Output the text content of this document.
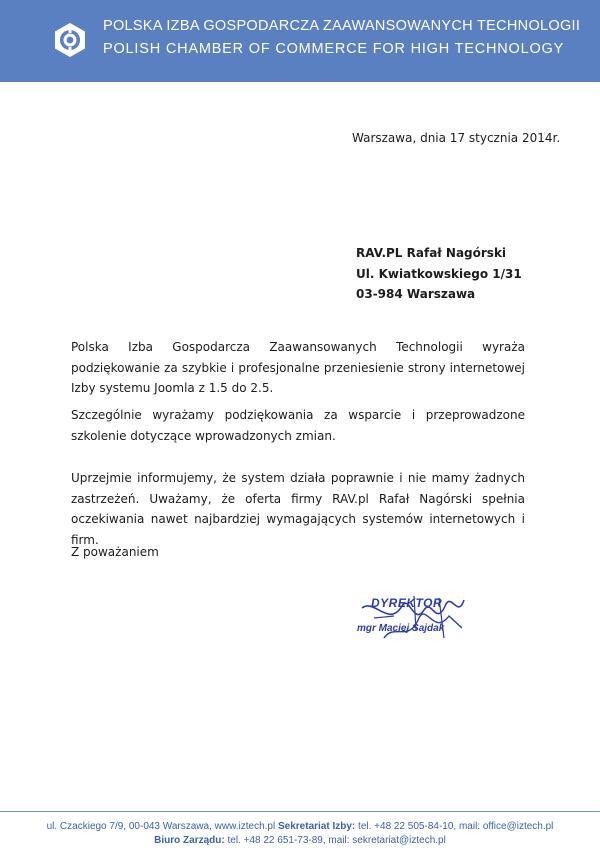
POLSKA IZBA GOSPODARCZA ZAAWANSOWANYCH TECHNOLOGII
POLISH CHAMBER OF COMMERCE FOR HIGH TECHNOLOGY
Warszawa, dnia 17 stycznia 2014r.
RAV.PL Rafał Nagórski
Ul. Kwiatkowskiego 1/31
03-984 Warszawa
Polska Izba Gospodarcza Zaawansowanych Technologii wyraża podziękowanie za szybkie i profesjonalne przeniesienie strony internetowej Izby systemu Joomla z 1.5 do 2.5.
Szczególnie wyrażamy podziękowania za wsparcie i przeprowadzone szkolenie dotyczące wprowadzonych zmian.
Uprzejmie informujemy, że system działa poprawnie i nie mamy żadnych zastrzeżeń. Uważamy, że oferta firmy RAV.pl Rafał Nagórski spełnia oczekiwania nawet najbardziej wymagających systemów internetowych i firm.
Z poważaniem
DYREKTOR
mgr Maciej Sajdak
ul. Czackiego 7/9, 00-043 Warszawa, www.iztech.pl Sekretariat Izby: tel. +48 22 505-84-10, mail: office@iztech.pl
Biuro Zarządu: tel. +48 22 651-73-89, mail: sekretariat@iztech.pl
